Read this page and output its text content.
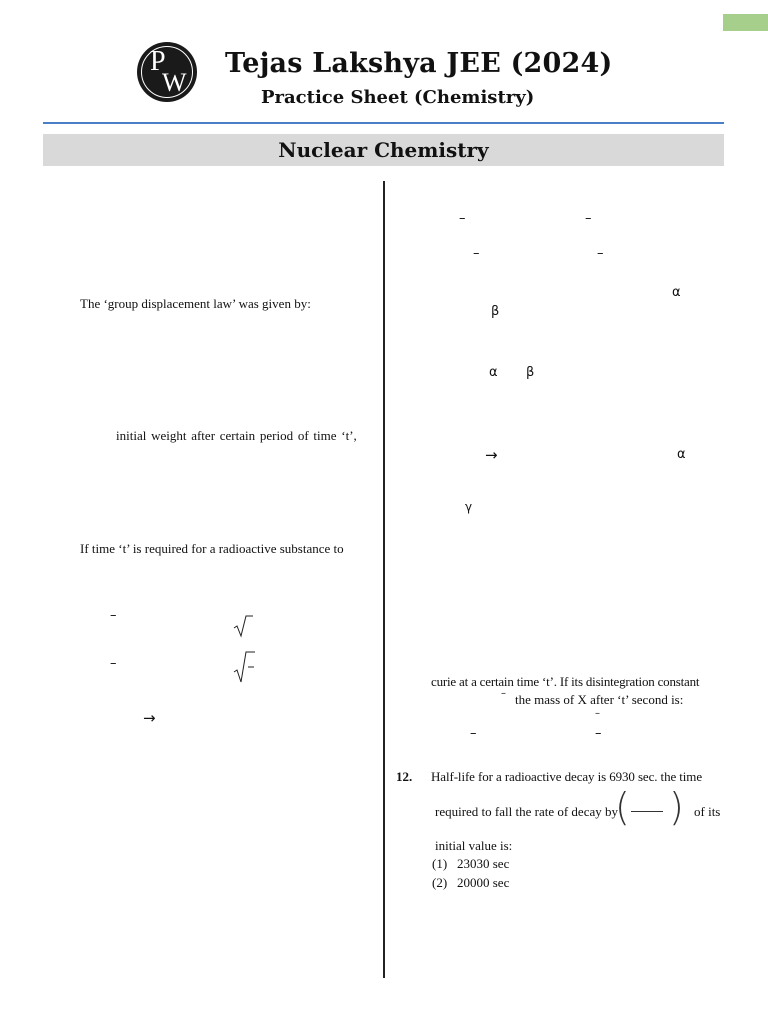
P
W
Tejas Lakshya JEE (2024)
Practice Sheet (Chemistry)
Nuclear Chemistry
The ‘group displacement law’ was given by:
initial weight after certain period of time ‘t’,
If time ‘t’ is required for a radioactive substance to
–
–
→
–	–
–	–
α
β
α β
→	α
γ
curie at a certain time ‘t’. If its disintegration constant
– the mass of X after ‘t’ second is:
–
–	–
12. Half-life for a radioactive decay is 6930 sec. the time
required to fall the rate of decay by
( ) of its
initial value is:
(1) 23030 sec
(2) 20000 sec
